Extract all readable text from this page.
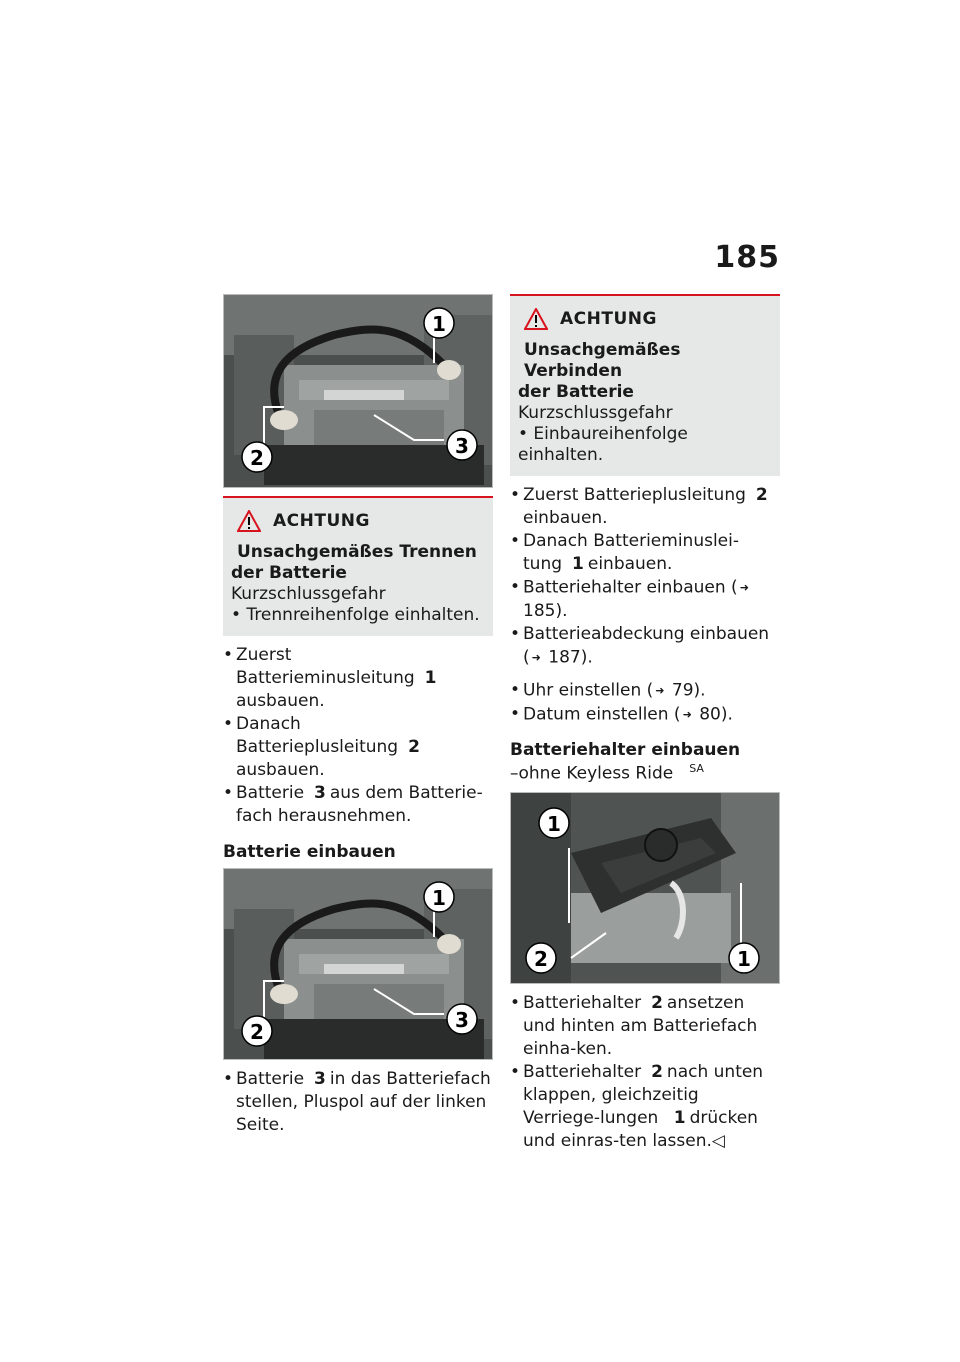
185
1
2	3
ACHTUNG
Unsachgemäßes Trennen
der Batterie
Kurzschlussgefahr
• Trennreihenfolge einhalten.
• Zuerst Batterieminusleitung 1
ausbauen.
• Danach Batterieplusleitung 2
ausbauen.
• Batterie 3 aus dem Batterie-fach herausnehmen.
Batterie einbauen
1
2	3
• Batterie 3 in das Batteriefach stellen, Pluspol auf der linken Seite.
ACHTUNG
Unsachgemäßes Verbinden
der Batterie
Kurzschlussgefahr
• Einbaureihenfolge einhalten.
• Zuerst Batterieplusleitung 2
einbauen.
• Danach Batterieminuslei-tung 1 einbauen.
• Batteriehalter einbauen ( ➜ 185).
• Batterieabdeckung einbauen ( ➜ 187).
• Uhr einstellen ( ➜ 79).
• Datum einstellen ( ➜ 80).
Batteriehalter einbauen
–ohne Keyless Ride $^{SA}$
1
2	1
• Batteriehalter 2 ansetzen und hinten am Batteriefach einha-ken.
• Batteriehalter 2 nach unten klappen, gleichzeitig Verriege-lungen 1 drücken und einras-ten lassen.◁
